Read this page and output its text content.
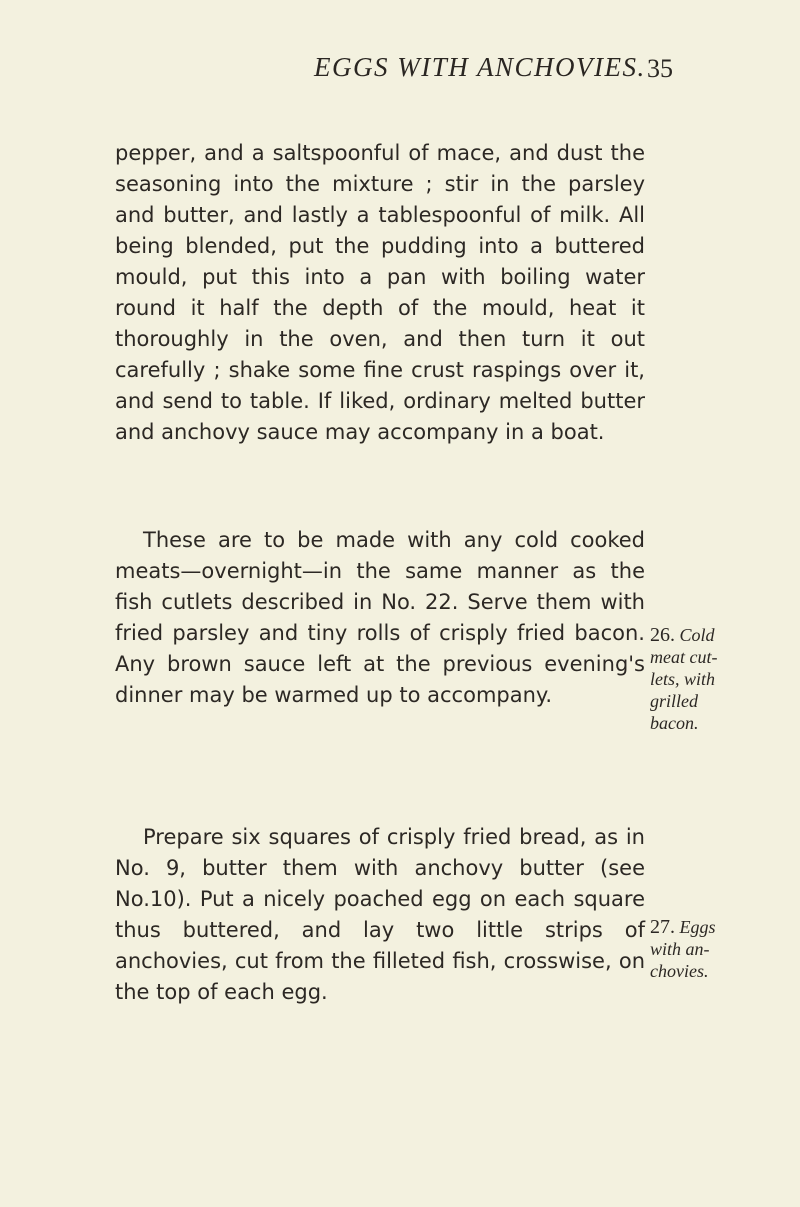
EGGS WITH ANCHOVIES. 35

pepper, and a saltspoonful of mace, and dust the seasoning into the mixture ; stir in the parsley and butter, and lastly a tablespoonful of milk. All being blended, put the pudding into a buttered mould, put this into a pan with boiling water round it half the depth of the mould, heat it thoroughly in the oven, and then turn it out carefully ; shake some fine crust raspings over it, and send to table. If liked, ordinary melted butter and anchovy sauce may accompany in a boat.

These are to be made with any cold cooked meats—overnight—in the same manner as the fish cutlets described in No. 22. Serve them with fried parsley and tiny rolls of crisply fried bacon. Any brown sauce left at the previous evening's dinner may be warmed up to accompany.

26. Cold meat cut-lets, with grilled bacon.

Prepare six squares of crisply fried bread, as in No. 9, butter them with anchovy butter (see No.10). Put a nicely poached egg on each square thus buttered, and lay two little strips of anchovies, cut from the filleted fish, crosswise, on the top of each egg.

27. Eggs with an-chovies.
